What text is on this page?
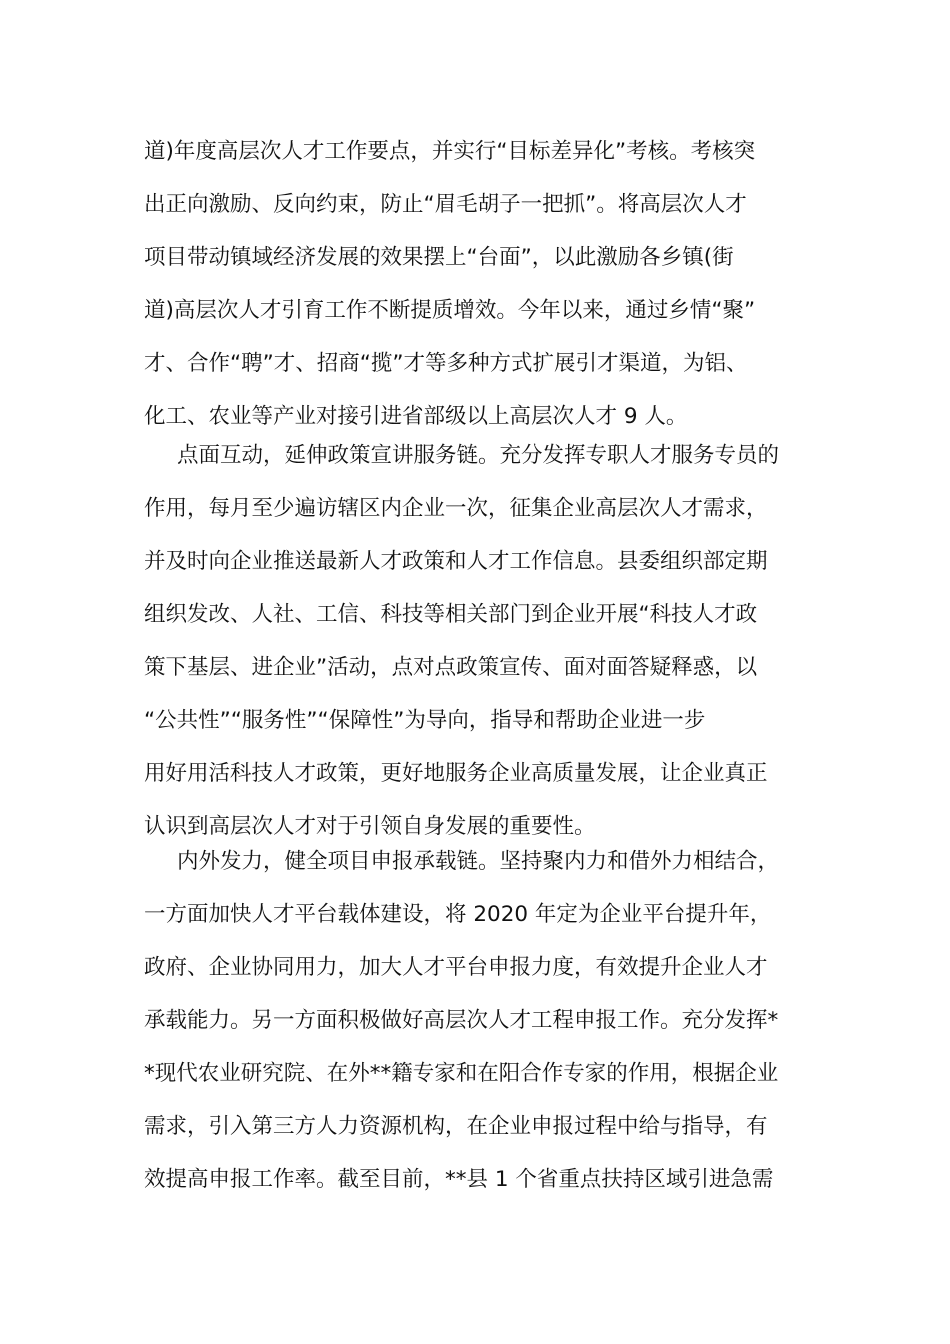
道)年度高层次人才工作要点，并实行“目标差异化”考核。考核突
出正向激励、反向约束，防止“眉毛胡子一把抓”。将高层次人才
项目带动镇域经济发展的效果摆上“台面”，以此激励各乡镇(街
道)高层次人才引育工作不断提质增效。今年以来，通过乡情“聚”
才、合作“聘”才、招商“揽”才等多种方式扩展引才渠道，为铝、
化工、农业等产业对接引进省部级以上高层次人才 9 人。
点面互动，延伸政策宣讲服务链。充分发挥专职人才服务专员的
作用，每月至少遍访辖区内企业一次，征集企业高层次人才需求，
并及时向企业推送最新人才政策和人才工作信息。县委组织部定期
组织发改、人社、工信、科技等相关部门到企业开展“科技人才政
策下基层、进企业”活动，点对点政策宣传、面对面答疑释惑，以
“公共性”“服务性”“保障性”为导向，指导和帮助企业进一步
用好用活科技人才政策，更好地服务企业高质量发展，让企业真正
认识到高层次人才对于引领自身发展的重要性。
内外发力，健全项目申报承载链。坚持聚内力和借外力相结合，
一方面加快人才平台载体建设，将 2020 年定为企业平台提升年，
政府、企业协同用力，加大人才平台申报力度，有效提升企业人才
承载能力。另一方面积极做好高层次人才工程申报工作。充分发挥*
*现代农业研究院、在外**籍专家和在阳合作专家的作用，根据企业
需求，引入第三方人力资源机构，在企业申报过程中给与指导，有
效提高申报工作率。截至目前，**县 1 个省重点扶持区域引进急需
